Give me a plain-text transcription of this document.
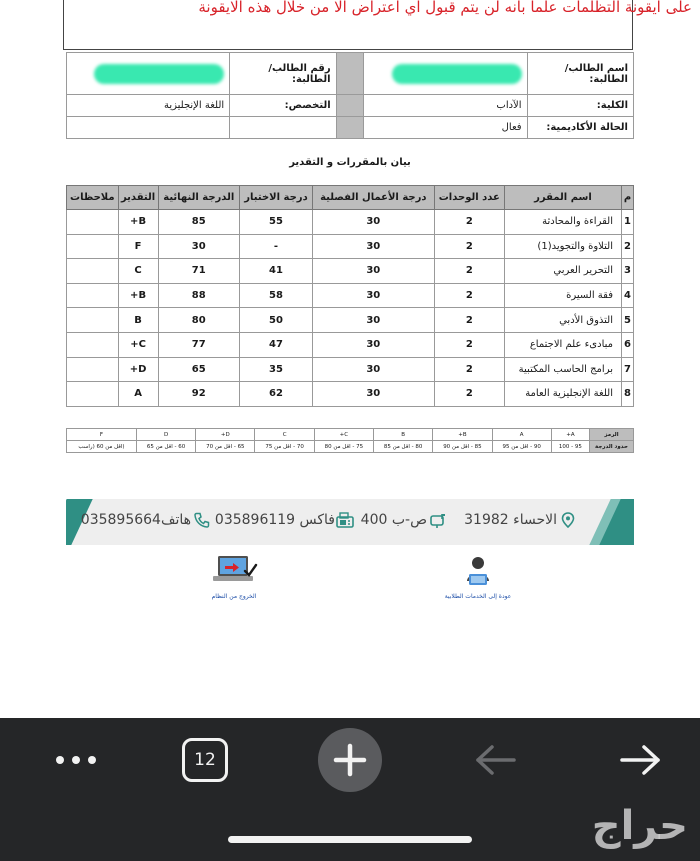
على ايقونة التظلمات علما بانه لن يتم قبول اي اعتراض الا من خلال هذه الايقونة
اسم الطالب/ الطالبة:			رقم الطالب/الطالبة:	
الكلية:	الآداب		التخصص:	اللغة الإنجليزية
الحالة الأكاديمية:	فعال			
بيان بالمقررات و التقدير
م	اسم المقرر	عدد الوحدات	درجة الأعمال الفصلية	درجة الاختبار	الدرجة النهائية	التقدير	ملاحظات
1	القراءة والمحادثة	2	30	55	85	B+	
2	التلاوة والتجويد(1)	2	30	-	30	F	
3	التحرير العربي	2	30	41	71	C	
4	فقة السيرة	2	30	58	88	B+	
5	التذوق الأدبي	2	30	50	80	B	
6	مبادىء علم الاجتماع	2	30	47	77	C+	
7	برامج الحاسب المكتبية	2	30	35	65	D+	
8	اللغة الإنجليزية العامة	2	30	62	92	A	
الرمز	A+	A	B+	B	C+	C	D+	D	F
حدود الدرجة	95 - 100	90 - اقل من 95	85 - اقل من 90	80 - اقل من 85	75 - اقل من 80	70 - اقل من 75	65 - اقل من 70	60 - اقل من 65	(اقل من 60 (راسب
الاحساء 31982
ص-ب 400
فاكس 035896119
هاتف035895664
عودة إلى الخدمات الطلابية
الخروج من النظام
12
حراج
